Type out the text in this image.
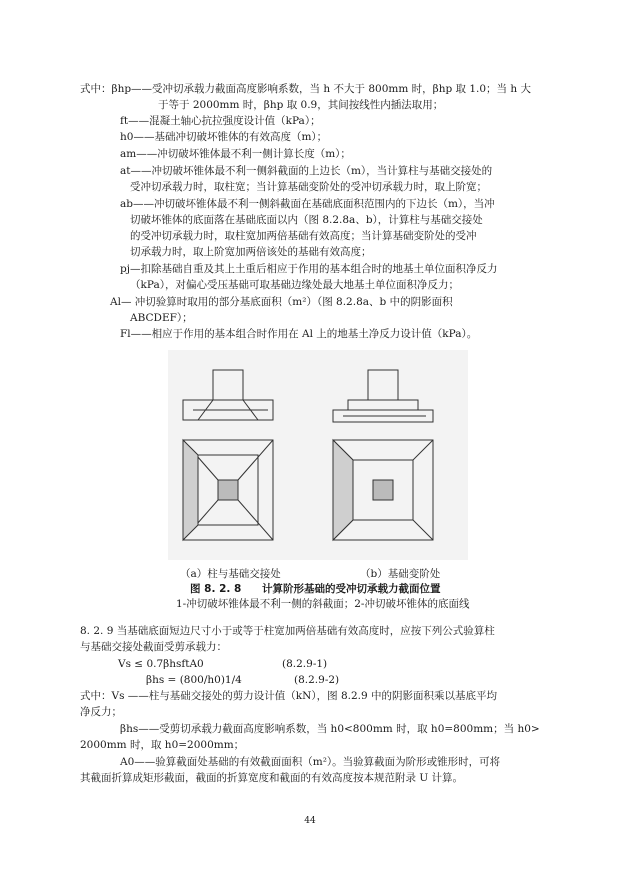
式中：βhp——受冲切承载力截面高度影响系数，当 h 不大于 800mm 时，βhp 取 1.0；当 h 大
于等于 2000mm 时，βhp 取 0.9，其间按线性内插法取用；
ft——混凝土轴心抗拉强度设计值（kPa）；
h0——基础冲切破坏锥体的有效高度（m）；
am——冲切破坏锥体最不利一侧计算长度（m）；
at——冲切破坏锥体最不利一侧斜截面的上边长（m），当计算柱与基础交接处的
受冲切承载力时，取柱宽；当计算基础变阶处的受冲切承载力时，取上阶宽；
ab——冲切破坏锥体最不利一侧斜截面在基础底面积范围内的下边长（m），当冲
切破坏锥体的底面落在基础底面以内（图 8.2.8a、b），计算柱与基础交接处
的受冲切承载力时，取柱宽加两倍基础有效高度；当计算基础变阶处的受冲
切承载力时，取上阶宽加两倍该处的基础有效高度；
pj—扣除基础自重及其上土重后相应于作用的基本组合时的地基土单位面积净反力
（kPa），对偏心受压基础可取基础边缘处最大地基土单位面积净反力；
Al— 冲切验算时取用的部分基底面积（m²）（图 8.2.8a、b 中的阴影面积
ABCDEF）；
Fl——相应于作用的基本组合时作用在 Al 上的地基土净反力设计值（kPa）。
（a）柱与基础交接处	（b）基础变阶处
图 8. 2. 8 计算阶形基础的受冲切承载力截面位置
1-冲切破坏锥体最不利一侧的斜截面；2-冲切破坏锥体的底面线
8. 2. 9 当基础底面短边尺寸小于或等于柱宽加两倍基础有效高度时，应按下列公式验算柱
与基础交接处截面受剪承载力：
Vs ≤ 0.7βhsftA0	(8.2.9-1)
βhs = (800/h0)1/4	(8.2.9-2)
式中：Vs ——柱与基础交接处的剪力设计值（kN），图 8.2.9 中的阴影面积乘以基底平均
净反力；
βhs——受剪切承载力截面高度影响系数，当 h0<800mm 时，取 h0=800mm；当 h0>
2000mm 时，取 h0=2000mm；
A0——验算截面处基础的有效截面面积（m²）。当验算截面为阶形或锥形时，可将
其截面折算成矩形截面，截面的折算宽度和截面的有效高度按本规范附录 U 计算。
44
